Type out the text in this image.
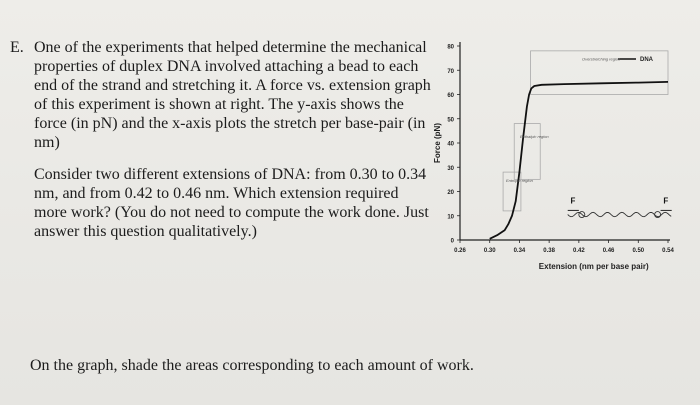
E. One of the experiments that helped determine the mechanical properties of duplex DNA involved attaching a bead to each end of the strand and stretching it. A force vs. extension graph of this experiment is shown at right. The y-axis shows the force (in pN) and the x-axis plots the stretch per base-pair (in nm)

Consider two different extensions of DNA: from 0.30 to 0.34 nm, and from 0.42 to 0.46 nm. Which extension required more work? (You do not need to compute the work done. Just answer this question qualitatively.)

0
10
20
30
40
50
60
70
80
0.26	0.30	0.34	0.38	0.42	0.46	0.50	0.54
DNA
Overstretching region
Enthalpic region
Entropic region
F	F
Force (pN)
Extension (nm per base pair)
On the graph, shade the areas corresponding to each amount of work.
